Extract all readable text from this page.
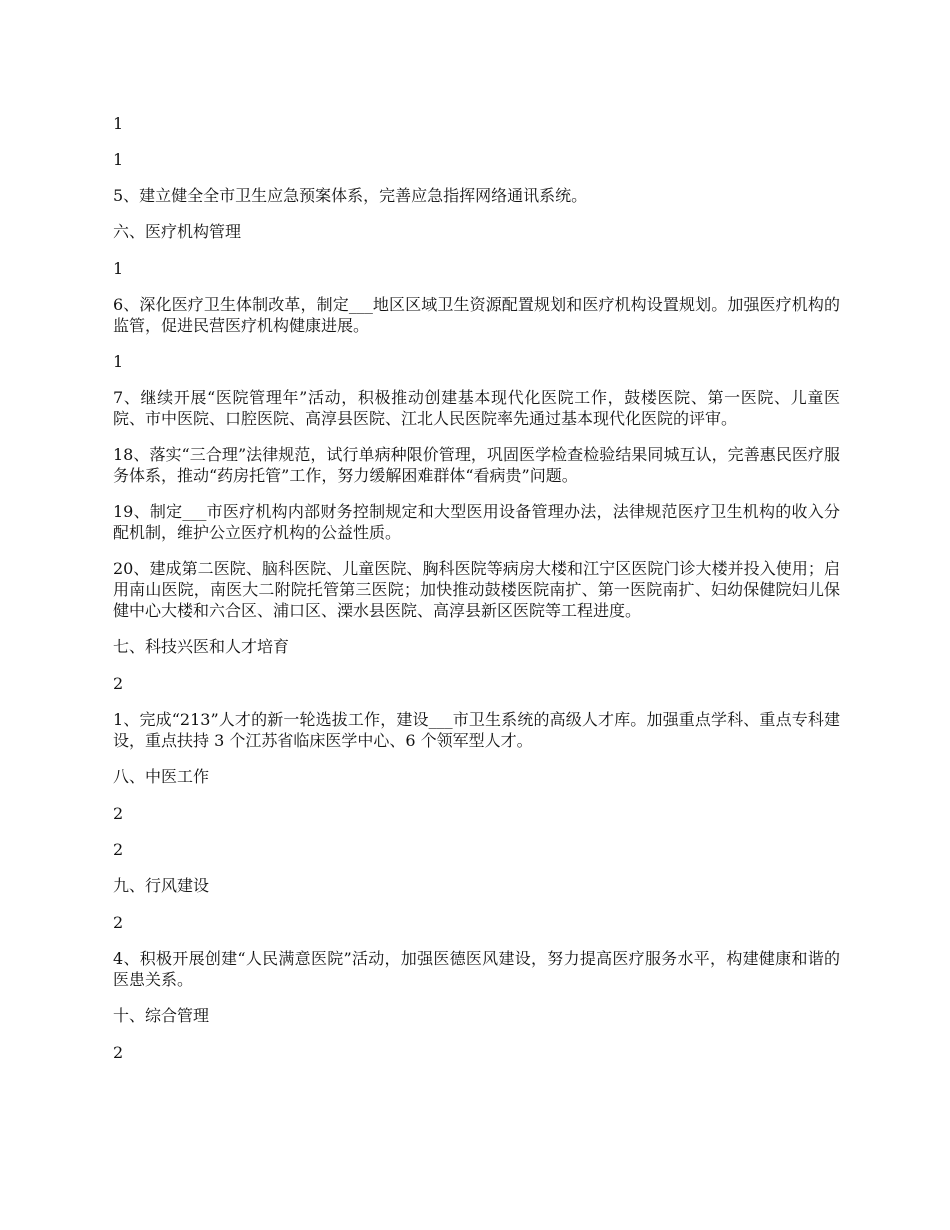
1

1

5、建立健全全市卫生应急预案体系，完善应急指挥网络通讯系统。

六、医疗机构管理

1

6、深化医疗卫生体制改革，制定___地区区域卫生资源配置规划和医疗机构设置规划。加强医疗机构的监管，促进民营医疗机构健康进展。

1

7、继续开展“医院管理年”活动，积极推动创建基本现代化医院工作，鼓楼医院、第一医院、儿童医院、市中医院、口腔医院、高淳县医院、江北人民医院率先通过基本现代化医院的评审。

18、落实“三合理”法律规范，试行单病种限价管理，巩固医学检查检验结果同城互认，完善惠民医疗服务体系，推动“药房托管”工作，努力缓解困难群体“看病贵”问题。

19、制定___市医疗机构内部财务控制规定和大型医用设备管理办法，法律规范医疗卫生机构的收入分配机制，维护公立医疗机构的公益性质。

20、建成第二医院、脑科医院、儿童医院、胸科医院等病房大楼和江宁区医院门诊大楼并投入使用；启用南山医院，南医大二附院托管第三医院；加快推动鼓楼医院南扩、第一医院南扩、妇幼保健院妇儿保健中心大楼和六合区、浦口区、溧水县医院、高淳县新区医院等工程进度。

七、科技兴医和人才培育

2

1、完成“213”人才的新一轮选拔工作，建设___市卫生系统的高级人才库。加强重点学科、重点专科建设，重点扶持 3 个江苏省临床医学中心、6 个领军型人才。

八、中医工作

2

2

九、行风建设

2

4、积极开展创建“人民满意医院”活动，加强医德医风建设，努力提高医疗服务水平，构建健康和谐的医患关系。

十、综合管理

2
